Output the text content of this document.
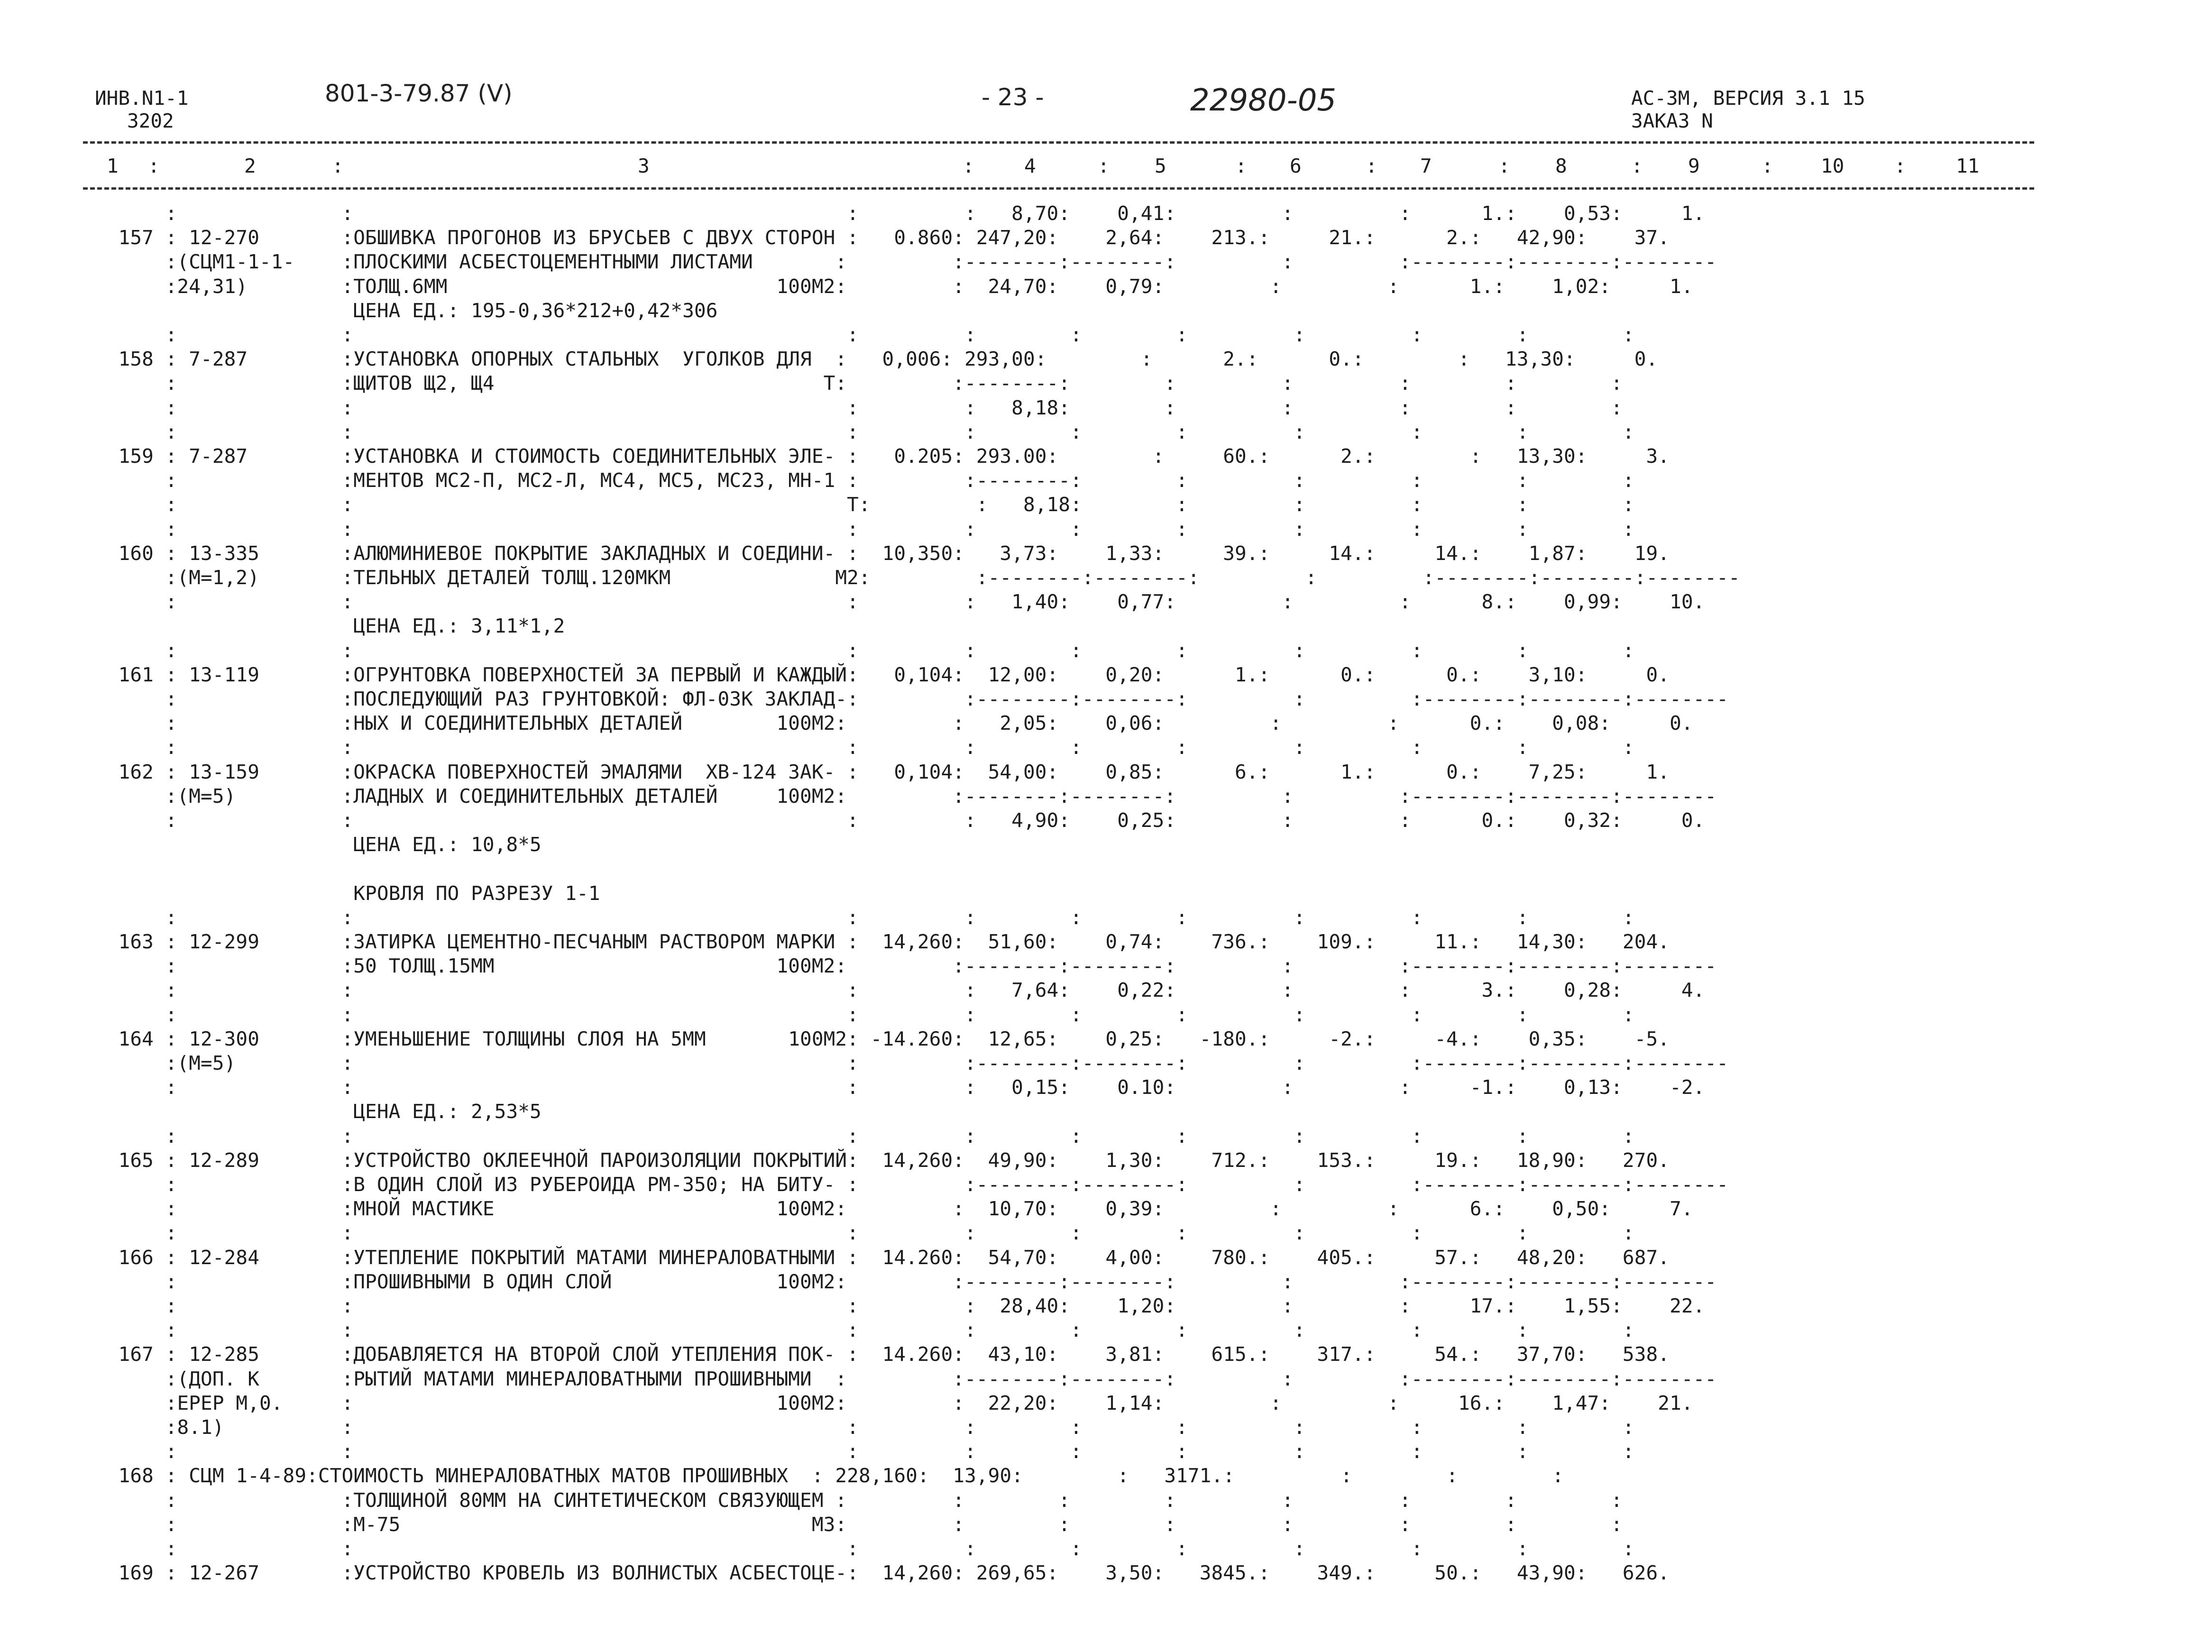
ИНВ.N1-1
3202
801-3-79.87 (V)	- 23 -	22980-05	АС-3М, ВЕРСИЯ 3.1 15
ЗАКАЗ N
1 :	2	:	3	:	4	: 5	: 6	: 7	: 8	: 9	: 10	:	11
:              :                                          :         :   8,70:    0,41:         :         :      1.:    0,53:     1.
157 : 12-270       :ОБШИВКА ПРОГОНОВ ИЗ БРУСЬЕВ С ДВУХ СТОРОН :   0.860: 247,20:    2,64:    213.:     21.:      2.:   42,90:    37.
:(СЦМ1-1-1-    :ПЛОСКИМИ АСБЕСТОЦЕМЕНТНЫМИ ЛИСТАМИ       :         :--------:--------:         :         :--------:--------:--------
:24,31)        :ТОЛЩ.6ММ                            100М2:         :  24,70:    0,79:         :         :      1.:    1,02:     1.
ЦЕНА ЕД.: 195-0,36*212+0,42*306
:              :                                          :         :        :        :         :         :        :        :
158 : 7-287        :УСТАНОВКА ОПОРНЫХ СТАЛЬНЫХ  УГОЛКОВ ДЛЯ  :   0,006: 293,00:        :      2.:      0.:        :   13,30:     0.
:              :ЩИТОВ Щ2, Щ4                            Т:         :--------:        :         :         :        :        :
:              :                                          :         :   8,18:        :         :         :        :        :
:              :                                          :         :        :        :         :         :        :        :
159 : 7-287        :УСТАНОВКА И СТОИМОСТЬ СОЕДИНИТЕЛЬНЫХ ЭЛЕ- :   0.205: 293.00:        :     60.:      2.:        :   13,30:     3.
:              :МЕНТОВ МС2-П, МС2-Л, МС4, МС5, МС23, МН-1 :         :--------:        :         :         :        :        :
:              :                                          Т:         :   8,18:        :         :         :        :        :
:              :                                          :         :        :        :         :         :        :        :
160 : 13-335       :АЛЮМИНИЕВОЕ ПОКРЫТИЕ ЗАКЛАДНЫХ И СОЕДИНИ- :  10,350:   3,73:    1,33:     39.:     14.:     14.:    1,87:    19.
:(М=1,2)       :ТЕЛЬНЫХ ДЕТАЛЕЙ ТОЛЩ.120МКМ              М2:         :--------:--------:         :         :--------:--------:--------
:              :                                          :         :   1,40:    0,77:         :         :      8.:    0,99:    10.
ЦЕНА ЕД.: 3,11*1,2
:              :                                          :         :        :        :         :         :        :        :
161 : 13-119       :ОГРУНТОВКА ПОВЕРХНОСТЕЙ ЗА ПЕРВЫЙ И КАЖДЫЙ:   0,104:  12,00:    0,20:      1.:      0.:      0.:    3,10:     0.
:              :ПОСЛЕДУЮЩИЙ РАЗ ГРУНТОВКОЙ: ФЛ-03К ЗАКЛАД-:         :--------:--------:         :         :--------:--------:--------
:              :НЫХ И СОЕДИНИТЕЛЬНЫХ ДЕТАЛЕЙ        100М2:         :   2,05:    0,06:         :         :      0.:    0,08:     0.
:              :                                          :         :        :        :         :         :        :        :
162 : 13-159       :ОКРАСКА ПОВЕРХНОСТЕЙ ЭМАЛЯМИ  ХВ-124 ЗАК- :   0,104:  54,00:    0,85:      6.:      1.:      0.:    7,25:     1.
:(М=5)         :ЛАДНЫХ И СОЕДИНИТЕЛЬНЫХ ДЕТАЛЕЙ     100М2:         :--------:--------:         :         :--------:--------:--------
:              :                                          :         :   4,90:    0,25:         :         :      0.:    0,32:     0.
ЦЕНА ЕД.: 10,8*5
КРОВЛЯ ПО РАЗРЕЗУ 1-1
:              :                                          :         :        :        :         :         :        :        :
163 : 12-299       :ЗАТИРКА ЦЕМЕНТНО-ПЕСЧАНЫМ РАСТВОРОМ МАРКИ :  14,260:  51,60:    0,74:    736.:    109.:     11.:   14,30:   204.
:              :50 ТОЛЩ.15ММ                        100М2:         :--------:--------:         :         :--------:--------:--------
:              :                                          :         :   7,64:    0,22:         :         :      3.:    0,28:     4.
:              :                                          :         :        :        :         :         :        :        :
164 : 12-300       :УМЕНЬШЕНИЕ ТОЛЩИНЫ СЛОЯ НА 5ММ       100М2: -14.260:  12,65:    0,25:   -180.:     -2.:     -4.:    0,35:    -5.
:(М=5)         :                                          :         :--------:--------:         :         :--------:--------:--------
:              :                                          :         :   0,15:    0.10:         :         :     -1.:    0,13:    -2.
ЦЕНА ЕД.: 2,53*5
:              :                                          :         :        :        :         :         :        :        :
165 : 12-289       :УСТРОЙСТВО ОКЛЕЕЧНОЙ ПАРОИЗОЛЯЦИИ ПОКРЫТИЙ:  14,260:  49,90:    1,30:    712.:    153.:     19.:   18,90:   270.
:              :В ОДИН СЛОЙ ИЗ РУБЕРОИДА РМ-350; НА БИТУ- :         :--------:--------:         :         :--------:--------:--------
:              :МНОЙ МАСТИКЕ                        100М2:         :  10,70:    0,39:         :         :      6.:    0,50:     7.
:              :                                          :         :        :        :         :         :        :        :
166 : 12-284       :УТЕПЛЕНИЕ ПОКРЫТИЙ МАТАМИ МИНЕРАЛОВАТНЫМИ :  14.260:  54,70:    4,00:    780.:    405.:     57.:   48,20:   687.
:              :ПРОШИВНЫМИ В ОДИН СЛОЙ              100М2:         :--------:--------:         :         :--------:--------:--------
:              :                                          :         :  28,40:    1,20:         :         :     17.:    1,55:    22.
:              :                                          :         :        :        :         :         :        :        :
167 : 12-285       :ДОБАВЛЯЕТСЯ НА ВТОРОЙ СЛОЙ УТЕПЛЕНИЯ ПОК- :  14.260:  43,10:    3,81:    615.:    317.:     54.:   37,70:   538.
:(ДОП. К       :РЫТИЙ МАТАМИ МИНЕРАЛОВАТНЫМИ ПРОШИВНЫМИ  :         :--------:--------:         :         :--------:--------:--------
:ЕРЕР М,0.     :                                    100М2:         :  22,20:    1,14:         :         :     16.:    1,47:    21.
:8.1)          :                                          :         :        :        :         :         :        :        :
:              :                                          :         :        :        :         :         :        :        :
168 : СЦМ 1-4-89:СТОИМОСТЬ МИНЕРАЛОВАТНЫХ МАТОВ ПРОШИВНЫХ  : 228,160:  13,90:        :   3171.:         :        :        :
:              :ТОЛЩИНОЙ 80ММ НА СИНТЕТИЧЕСКОМ СВЯЗУЮЩЕМ :         :        :        :         :         :        :        :
:              :М-75                                   М3:         :        :        :         :         :        :        :
:              :                                          :         :        :        :         :         :        :        :
169 : 12-267       :УСТРОЙСТВО КРОВЕЛЬ ИЗ ВОЛНИСТЫХ АСБЕСТОЦЕ-:  14,260: 269,65:    3,50:   3845.:    349.:     50.:   43,90:   626.
